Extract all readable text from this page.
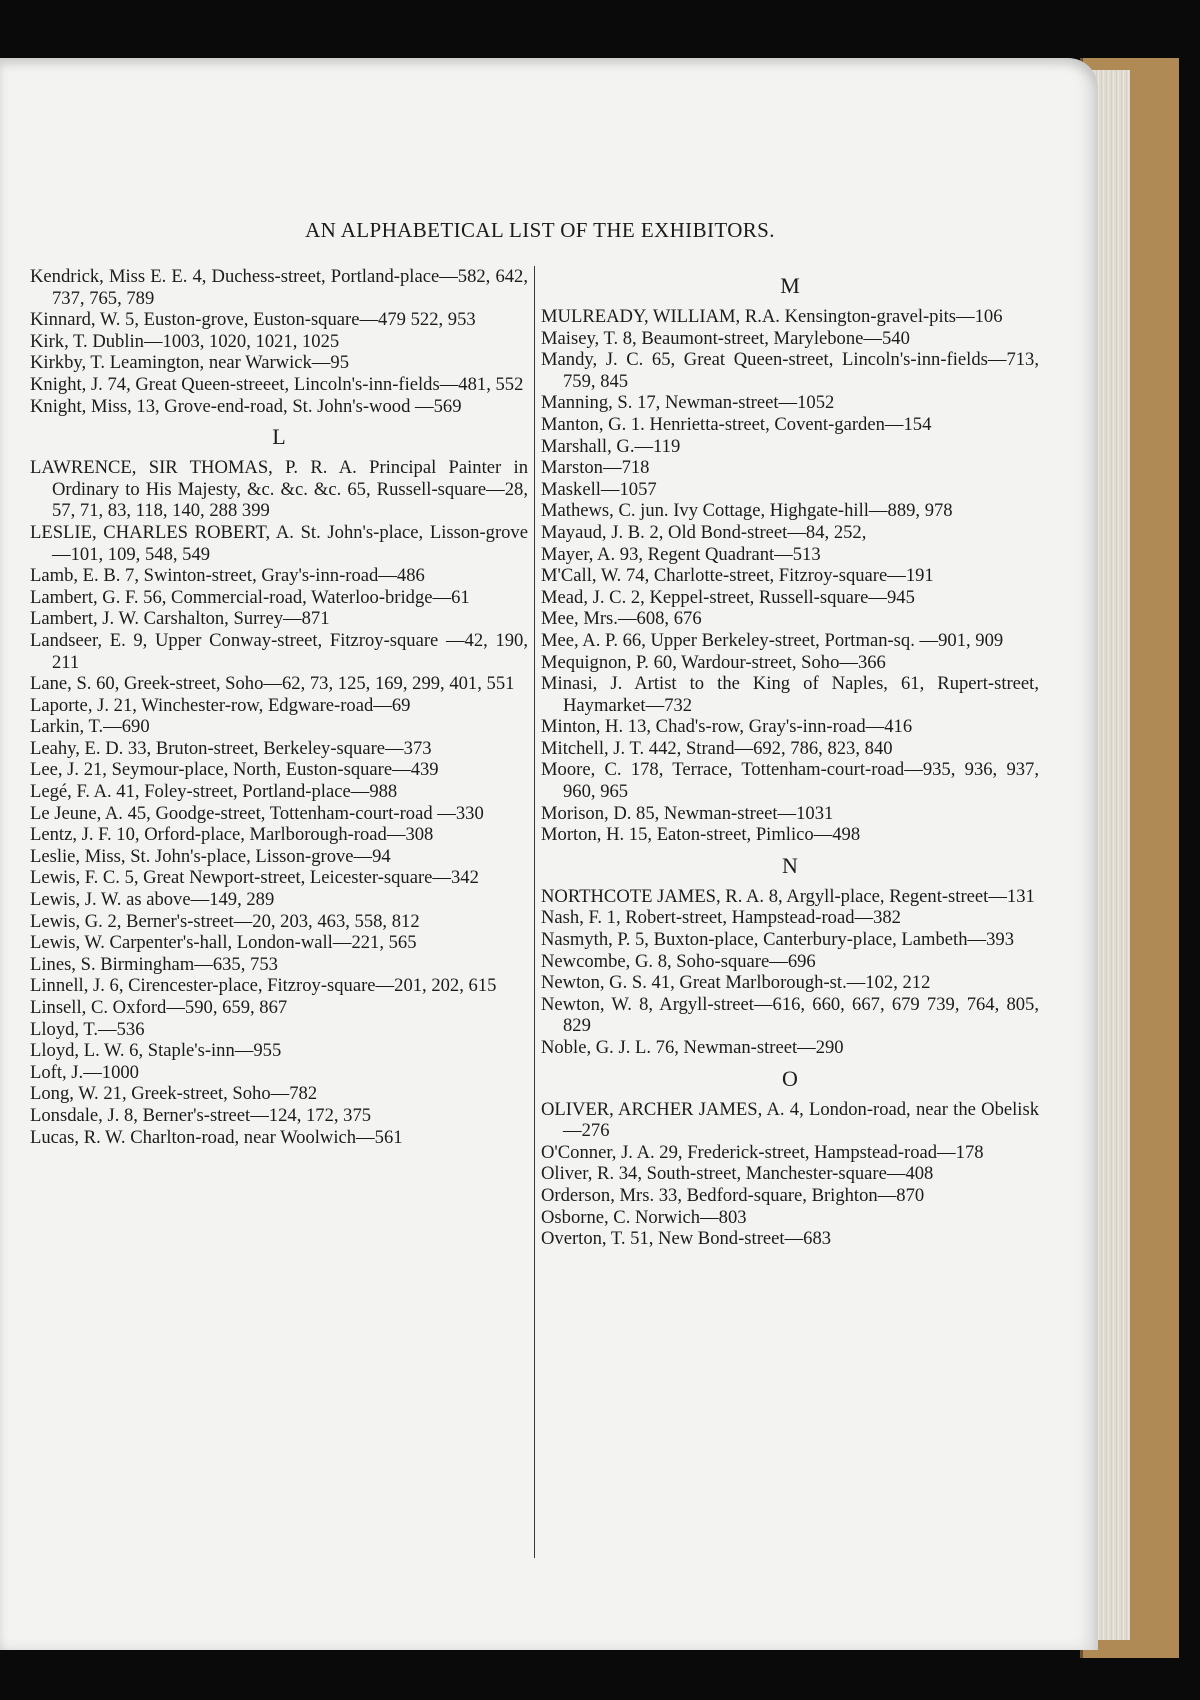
AN ALPHABETICAL LIST OF THE EXHIBITORS.
Kendrick, Miss E. E. 4, Duchess-street, Portland-place—582, 642, 737, 765, 789
Kinnard, W. 5, Euston-grove, Euston-square—479 522, 953
Kirk, T. Dublin—1003, 1020, 1021, 1025
Kirkby, T. Leamington, near Warwick—95
Knight, J. 74, Great Queen-streeet, Lincoln's-inn-fields—481, 552
Knight, Miss, 13, Grove-end-road, St. John's-wood —569
L
LAWRENCE, SIR THOMAS, P. R. A. Principal Painter in Ordinary to His Majesty, &c. &c. &c. 65, Russell-square—28, 57, 71, 83, 118, 140, 288 399
LESLIE, CHARLES ROBERT, A. St. John's-place, Lisson-grove—101, 109, 548, 549
Lamb, E. B. 7, Swinton-street, Gray's-inn-road—486
Lambert, G. F. 56, Commercial-road, Waterloo-bridge—61
Lambert, J. W. Carshalton, Surrey—871
Landseer, E. 9, Upper Conway-street, Fitzroy-square —42, 190, 211
Lane, S. 60, Greek-street, Soho—62, 73, 125, 169, 299, 401, 551
Laporte, J. 21, Winchester-row, Edgware-road—69
Larkin, T.—690
Leahy, E. D. 33, Bruton-street, Berkeley-square—373
Lee, J. 21, Seymour-place, North, Euston-square—439
Legé, F. A. 41, Foley-street, Portland-place—988
Le Jeune, A. 45, Goodge-street, Tottenham-court-road —330
Lentz, J. F. 10, Orford-place, Marlborough-road—308
Leslie, Miss, St. John's-place, Lisson-grove—94
Lewis, F. C. 5, Great Newport-street, Leicester-square—342
Lewis, J. W. as above—149, 289
Lewis, G. 2, Berner's-street—20, 203, 463, 558, 812
Lewis, W. Carpenter's-hall, London-wall—221, 565
Lines, S. Birmingham—635, 753
Linnell, J. 6, Cirencester-place, Fitzroy-square—201, 202, 615
Linsell, C. Oxford—590, 659, 867
Lloyd, T.—536
Lloyd, L. W. 6, Staple's-inn—955
Loft, J.—1000
Long, W. 21, Greek-street, Soho—782
Lonsdale, J. 8, Berner's-street—124, 172, 375
Lucas, R. W. Charlton-road, near Woolwich—561
M
MULREADY, WILLIAM, R.A. Kensington-gravel-pits—106
Maisey, T. 8, Beaumont-street, Marylebone—540
Mandy, J. C. 65, Great Queen-street, Lincoln's-inn-fields—713, 759, 845
Manning, S. 17, Newman-street—1052
Manton, G. 1. Henrietta-street, Covent-garden—154
Marshall, G.—119
Marston—718
Maskell—1057
Mathews, C. jun. Ivy Cottage, Highgate-hill—889, 978
Mayaud, J. B. 2, Old Bond-street—84, 252,
Mayer, A. 93, Regent Quadrant—513
M'Call, W. 74, Charlotte-street, Fitzroy-square—191
Mead, J. C. 2, Keppel-street, Russell-square—945
Mee, Mrs.—608, 676
Mee, A. P. 66, Upper Berkeley-street, Portman-sq. —901, 909
Mequignon, P. 60, Wardour-street, Soho—366
Minasi, J. Artist to the King of Naples, 61, Rupert-street, Haymarket—732
Minton, H. 13, Chad's-row, Gray's-inn-road—416
Mitchell, J. T. 442, Strand—692, 786, 823, 840
Moore, C. 178, Terrace, Tottenham-court-road—935, 936, 937, 960, 965
Morison, D. 85, Newman-street—1031
Morton, H. 15, Eaton-street, Pimlico—498
N
NORTHCOTE JAMES, R. A. 8, Argyll-place, Regent-street—131
Nash, F. 1, Robert-street, Hampstead-road—382
Nasmyth, P. 5, Buxton-place, Canterbury-place, Lambeth—393
Newcombe, G. 8, Soho-square—696
Newton, G. S. 41, Great Marlborough-st.—102, 212
Newton, W. 8, Argyll-street—616, 660, 667, 679 739, 764, 805, 829
Noble, G. J. L. 76, Newman-street—290
O
OLIVER, ARCHER JAMES, A. 4, London-road, near the Obelisk—276
O'Conner, J. A. 29, Frederick-street, Hampstead-road—178
Oliver, R. 34, South-street, Manchester-square—408
Orderson, Mrs. 33, Bedford-square, Brighton—870
Osborne, C. Norwich—803
Overton, T. 51, New Bond-street—683
